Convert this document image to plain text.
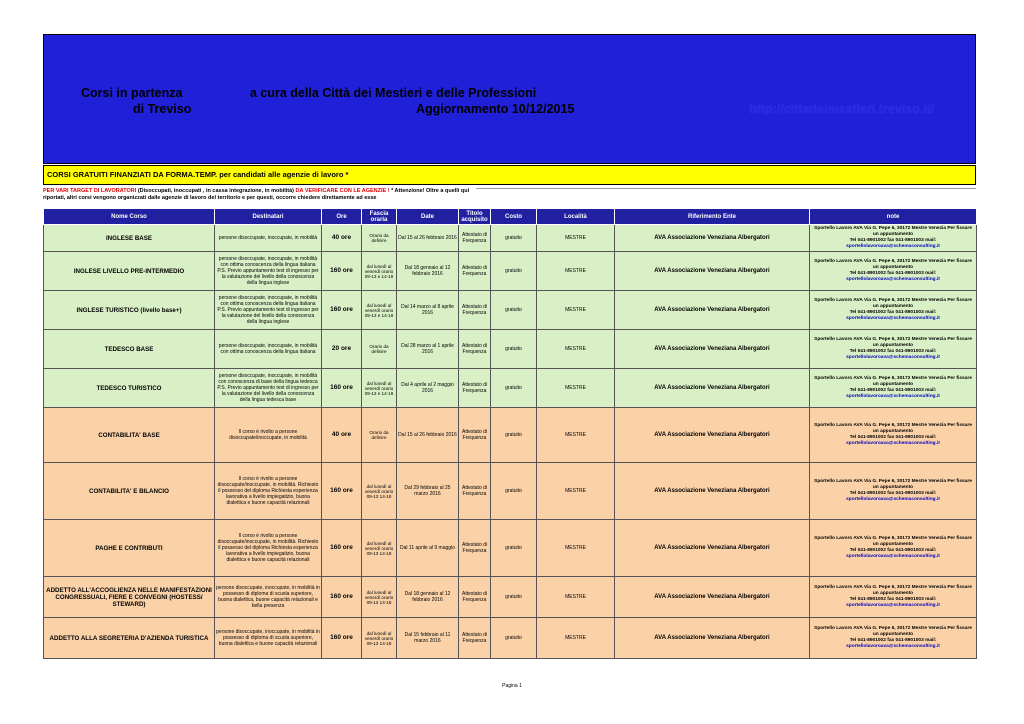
Corsi in partenza
di Treviso
a cura della Città dei Mestieri e delle Professioni
Aggiornamento 10/12/2015	http://cittadeimestieri.treviso.it/
CORSI GRATUITI FINANZIATI DA FORMA.TEMP. per candidati alle agenzie di lavoro *
PER VARI TARGET DI LAVORATORI (Disoccupati, inoccupati , in cassa integrazione, in mobilità) DA VERIFICARE CON LE AGENZIE ! * Attenzione! Oltre a quelli qui riportati, altri corsi vengono organizzati dalle agenzie di lavoro del territorio e per questi, occorre chiedere direttamente ad esse
Nome Corso	Destinatari	Ore	Fascia oraria	Date	Titolo acquisito	Costo	Località	Riferimento Ente	note
INGLESE BASE	persone disoccupate, inoccupate, in mobilità	40 ore	Orario da definire	Dal 15 al 26 febbraio 2016	Attestato di Frequenza	gratuito	MESTRE	AVA Associazione Veneziana Albergatori	Sportello Lavoro AVA Via G. Pepe 6, 30172 Mestre Venezia Per fissare un appuntamento
Tel 041-8901002 fax 041-8901003 mail: sportellolavoroava@schemaconsulting.it
INGLESE LIVELLO PRE-INTERMEDIO	persone disoccupate, inoccupate, in mobilità con ottima conoscenza della lingua italiana P.S. Previo appuntamento test di ingresso per la valutazione del livello della conoscenza della lingua inglese	160 ore	dal lunedì al venerdì orario 09-13 e 14-18	Dal 18 gennaio al 12 febbraio 2016	Attestato di Frequenza	gratuito	MESTRE	AVA Associazione Veneziana Albergatori	Sportello Lavoro AVA Via G. Pepe 6, 30172 Mestre Venezia Per fissare un appuntamento
Tel 041-8901002 fax 041-8901003 mail: sportellolavoroava@schemaconsulting.it
INGLESE TURISTICO (livello base+)	persone disoccupate, inoccupate, in mobilità con ottima conoscenza della lingua italiana P.S. Previo appuntamento test di ingresso per la valutazione del livello della conoscenza della lingua inglese	160 ore	dal lunedì al venerdì orario 09-13 e 14-18	Dal 14 marzo al 8 aprile 2016	Attestato di Frequenza	gratuito	MESTRE	AVA Associazione Veneziana Albergatori	Sportello Lavoro AVA Via G. Pepe 6, 30172 Mestre Venezia Per fissare un appuntamento
Tel 041-8901002 fax 041-8901003 mail: sportellolavoroava@schemaconsulting.it
TEDESCO BASE	persone disoccupate, inoccupate, in mobilità con ottima conoscenza della lingua italiana	20 ore	Orario da definire	Dal 28 marzo al 1 aprile 2016	Attestato di Frequenza	gratuito	MESTRE	AVA Associazione Veneziana Albergatori	Sportello Lavoro AVA Via G. Pepe 6, 30172 Mestre Venezia Per fissare un appuntamento
Tel 041-8901002 fax 041-8901003 mail: sportellolavoroava@schemaconsulting.it
TEDESCO TURISTICO	persone disoccupate, inoccupate, in mobilità con conoscenza di base della lingua tedesca P.S. Previo appuntamento test di ingresso per la valutazione del livello della conoscenza della lingua tedesca base	160 ore	dal lunedì al venerdì orario 09-13 e 14-18	Dal 4 aprile al 2 maggio 2016	Attestato di Frequenza	gratuito	MESTRE	AVA Associazione Veneziana Albergatori	Sportello Lavoro AVA Via G. Pepe 6, 30172 Mestre Venezia Per fissare un appuntamento
Tel 041-8901002 fax 041-8901003 mail: sportellolavoroava@schemaconsulting.it
CONTABILITA' BASE	Il corso è rivolto a persone disoccupate/inoccupate, in mobilità	40 ore	Orario da definire	Dal 15 al 26 febbraio 2016	Attestato di Frequenza	gratuito	MESTRE	AVA Associazione Veneziana Albergatori	Sportello Lavoro AVA Via G. Pepe 6, 30172 Mestre Venezia Per fissare un appuntamento
Tel 041-8901002 fax 041-8901003 mail: sportellolavoroava@schemaconsulting.it
CONTABILITA' E BILANCIO	Il corso è rivolto a persone disoccupate/inoccupate, in mobilità. Richiesto il possesso del diploma Richiesta esperienza lavorativa a livello impiegatizio, buona dialettica e buone capacità relazionali	160 ore	dal lunedì al venerdì orario 09-13 14-18	Dal 29 febbraio al 25 marzo 2016	Attestato di Frequenza	gratuito	MESTRE	AVA Associazione Veneziana Albergatori	Sportello Lavoro AVA Via G. Pepe 6, 30172 Mestre Venezia Per fissare un appuntamento
Tel 041-8901002 fax 041-8901003 mail: sportellolavoroava@schemaconsulting.it
PAGHE E CONTRIBUTI	Il corso è rivolto a persone disoccupate/inoccupate, in mobilità. Richiesto il possesso del diploma Richiesta esperienza lavorativa a livello impiegatizio, buona dialettica e buone capacità relazionali	160 ore	dal lunedì al venerdì orario 09-13 14-18	Dal 11 aprile al 9 maggio	Attestato di Frequenza	gratuito	MESTRE	AVA Associazione Veneziana Albergatori	Sportello Lavoro AVA Via G. Pepe 6, 30172 Mestre Venezia Per fissare un appuntamento
Tel 041-8901002 fax 041-8901003 mail: sportellolavoroava@schemaconsulting.it
ADDETTO ALL'ACCOGLIENZA NELLE MANIFESTAZIONI CONGRESSUALI, FIERE E CONVEGNI (HOSTESS/ STEWARD)	persone disoccupate, inoccupate, in mobilità in possesso di diploma di scuola superiore, buona dialettica, buone capacità relazionali e bella presenza	160 ore	dal lunedì al venerdì orario 09-13 14-18	Dal 18 gennaio al 12 febbraio 2016	Attestato di Frequenza	gratuito	MESTRE	AVA Associazione Veneziana Albergatori	Sportello Lavoro AVA Via G. Pepe 6, 30172 Mestre Venezia Per fissare un appuntamento
Tel 041-8901002 fax 041-8901003 mail: sportellolavoroava@schemaconsulting.it
ADDETTO ALLA SEGRETERIA D'AZIENDA TURISTICA	persone disoccupate, inoccupate, in mobilità in possesso di diploma di scuola superiore, buona dialettica e buone capacità relazionali	160 ore	dal lunedì al venerdì orario 09-13 14-18	Dal 15 febbraio al 11 marzo 2016	Attestato di Frequenza	gratuito	MESTRE	AVA Associazione Veneziana Albergatori	Sportello Lavoro AVA Via G. Pepe 6, 30172 Mestre Venezia Per fissare un appuntamento
Tel 041-8901002 fax 041-8901003 mail: sportellolavoroava@schemaconsulting.it
Pagina 1
